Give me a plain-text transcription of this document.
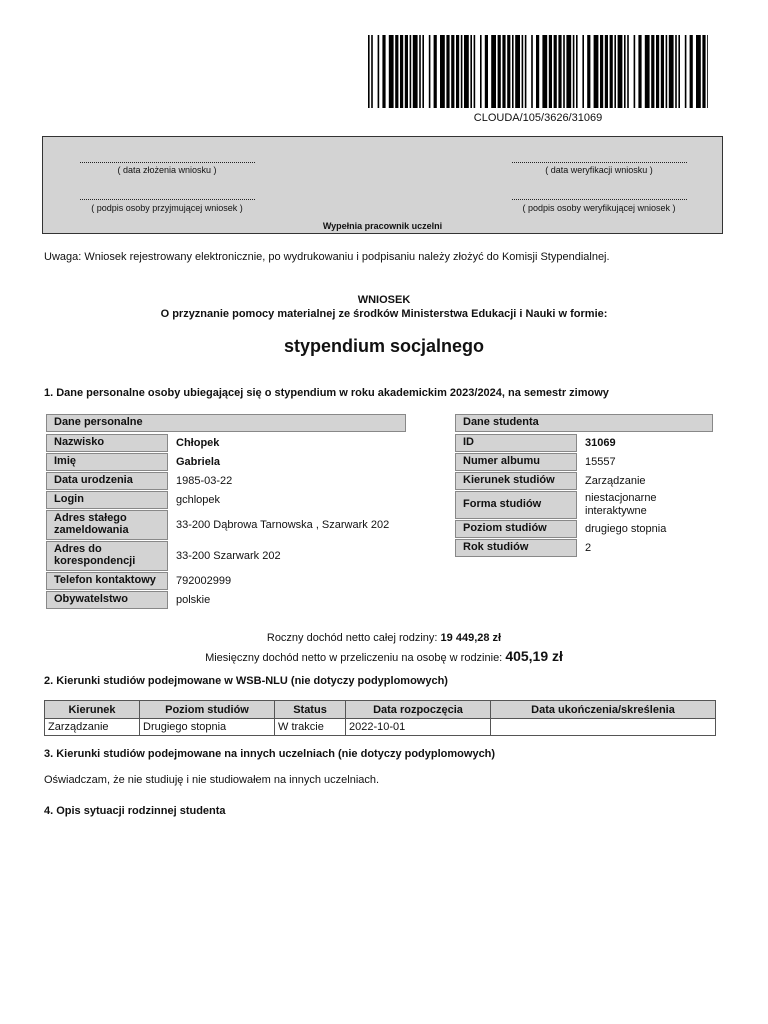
CLOUDA/105/3626/31069
( data złożenia wniosku )	( data weryfikacji wniosku )
( podpis osoby przyjmującej wniosek )	( podpis osoby weryfikującej wniosek )
Wypełnia pracownik uczelni
Uwaga: Wniosek rejestrowany elektronicznie, po wydrukowaniu i podpisaniu należy złożyć do Komisji Stypendialnej.
WNIOSEK
O przyznanie pomocy materialnej ze środków Ministerstwa Edukacji i Nauki w formie:
stypendium socjalnego
1. Dane personalne osoby ubiegającej się o stypendium w roku akademickim 2023/2024, na semestr zimowy
Dane personalne
Nazwisko	Chłopek
Imię	Gabriela
Data urodzenia	1985-03-22
Login	gchlopek
Adres stałego zameldowania	33-200 Dąbrowa Tarnowska , Szarwark 202
Adres do korespondencji	33-200 Szarwark 202
Telefon kontaktowy	792002999
Obywatelstwo	polskie
Dane studenta
ID	31069
Numer albumu	15557
Kierunek studiów	Zarządzanie
Forma studiów	niestacjonarne interaktywne
Poziom studiów	drugiego stopnia
Rok studiów	2
Roczny dochód netto całej rodziny: 19 449,28 zł
Miesięczny dochód netto w przeliczeniu na osobę w rodzinie: 405,19 zł
2. Kierunki studiów podejmowane w WSB-NLU (nie dotyczy podyplomowych)
Kierunek	Poziom studiów	Status	Data rozpoczęcia	Data ukończenia/skreślenia
Zarządzanie	Drugiego stopnia	W trakcie	2022-10-01	
3. Kierunki studiów podejmowane na innych uczelniach (nie dotyczy podyplomowych)
Oświadczam, że nie studiuję i nie studiowałem na innych uczelniach.
4. Opis sytuacji rodzinnej studenta
